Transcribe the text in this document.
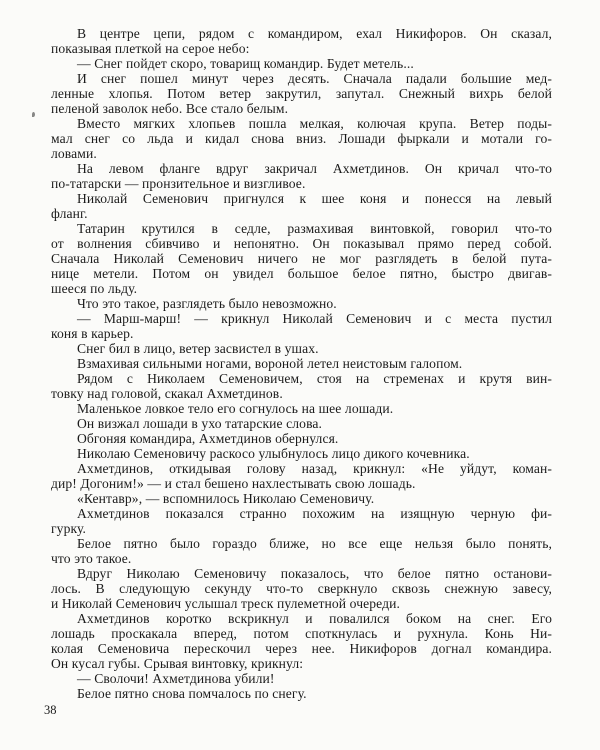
В центре цепи, рядом с командиром, ехал Никифоров. Он сказал,
показывая плеткой на серое небо:
— Снег пойдет скоро, товарищ командир. Будет метель...
И снег пошел минут через десять. Сначала падали большие мед-
ленные хлопья. Потом ветер закрутил, запутал. Снежный вихрь белой
пеленой заволок небо. Все стало белым.
Вместо мягких хлопьев пошла мелкая, колючая крупа. Ветер поды-
мал снег со льда и кидал снова вниз. Лошади фыркали и мотали го-
ловами.
На левом фланге вдруг закричал Ахметдинов. Он кричал что-то
по-татарски — пронзительное и визгливое.
Николай Семенович пригнулся к шее коня и понесся на левый
фланг.
Татарин крутился в седле, размахивая винтовкой, говорил что-то
от волнения сбивчиво и непонятно. Он показывал прямо перед собой.
Сначала Николай Семенович ничего не мог разглядеть в белой пута-
нице метели. Потом он увидел большое белое пятно, быстро двигав-
шееся по льду.
Что это такое, разглядеть было невозможно.
— Марш-марш! — крикнул Николай Семенович и с места пустил
коня в карьер.
Снег бил в лицо, ветер засвистел в ушах.
Взмахивая сильными ногами, вороной летел неистовым галопом.
Рядом с Николаем Семеновичем, стоя на стременах и крутя вин-
товку над головой, скакал Ахметдинов.
Маленькое ловкое тело его согнулось на шее лошади.
Он визжал лошади в ухо татарские слова.
Обгоняя командира, Ахметдинов обернулся.
Николаю Семеновичу раскосо улыбнулось лицо дикого кочевника.
Ахметдинов, откидывая голову назад, крикнул: «Не уйдут, коман-
дир! Догоним!» — и стал бешено нахлестывать свою лошадь.
«Кентавр», — вспомнилось Николаю Семеновичу.
Ахметдинов показался странно похожим на изящную черную фи-
гурку.
Белое пятно было гораздо ближе, но все еще нельзя было понять,
что это такое.
Вдруг Николаю Семеновичу показалось, что белое пятно останови-
лось. В следующую секунду что-то сверкнуло сквозь снежную завесу,
и Николай Семенович услышал треск пулеметной очереди.
Ахметдинов коротко вскрикнул и повалился боком на снег. Его
лошадь проскакала вперед, потом споткнулась и рухнула. Конь Ни-
колая Семеновича перескочил через нее. Никифоров догнал командира.
Он кусал губы. Срывая винтовку, крикнул:
— Сволочи! Ахметдинова убили!
Белое пятно снова помчалось по снегу.
38
